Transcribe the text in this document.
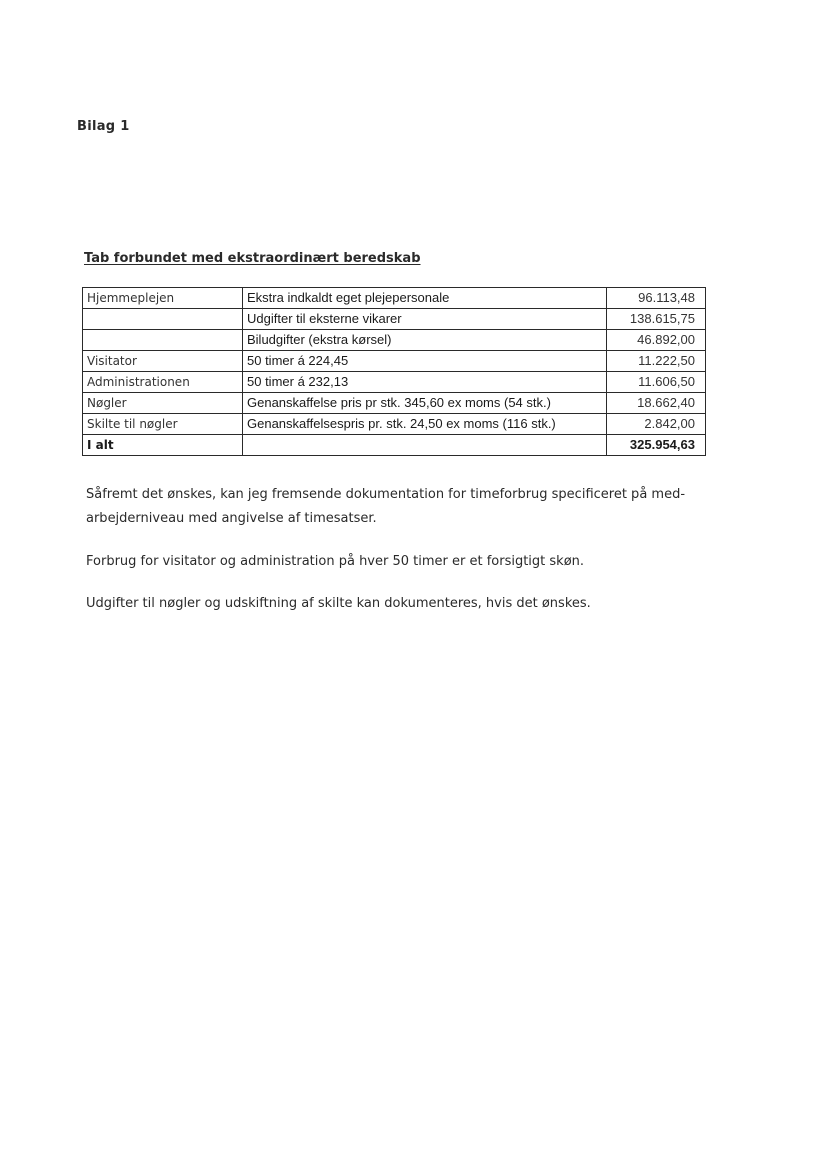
Bilag 1
Tab forbundet med ekstraordinært beredskab
Hjemmeplejen	Ekstra indkaldt eget plejepersonale	96.113,48
	Udgifter til eksterne vikarer	138.615,75
	Biludgifter (ekstra kørsel)	46.892,00
Visitator	50 timer á 224,45	11.222,50
Administrationen	50 timer á 232,13	11.606,50
Nøgler	Genanskaffelse pris pr stk. 345,60 ex moms (54 stk.)	18.662,40
Skilte til nøgler	Genanskaffelsespris pr. stk. 24,50 ex moms (116 stk.)	2.842,00
I alt		325.954,63
Såfremt det ønskes, kan jeg fremsende dokumentation for timeforbrug specificeret på med-arbejderniveau med angivelse af timesatser.
Forbrug for visitator og administration på hver 50 timer er et forsigtigt skøn.
Udgifter til nøgler og udskiftning af skilte kan dokumenteres, hvis det ønskes.
